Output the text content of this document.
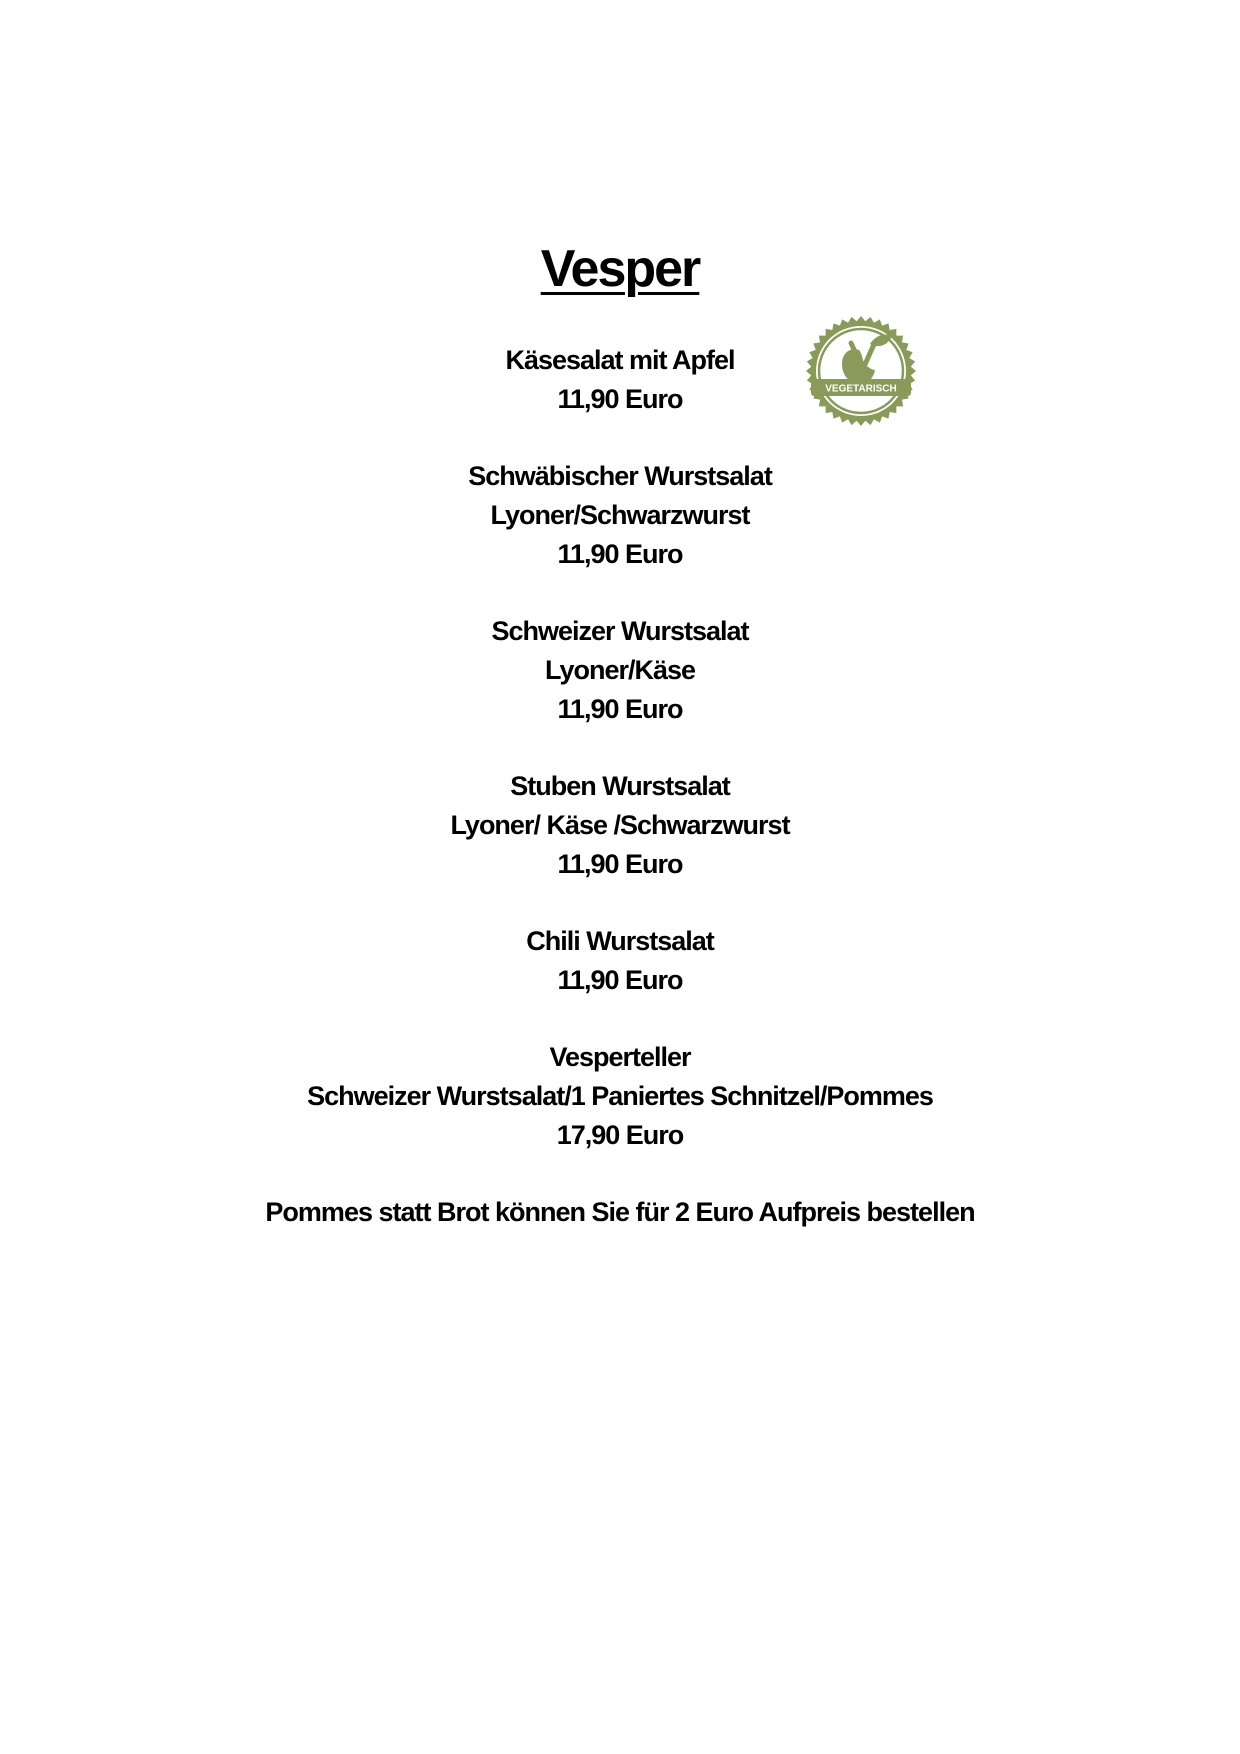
Vesper
VEGETARISCH
Käsesalat mit Apfel
11,90 Euro
Schwäbischer Wurstsalat
Lyoner/Schwarzwurst
11,90 Euro
Schweizer Wurstsalat
Lyoner/Käse
11,90 Euro
Stuben Wurstsalat
Lyoner/ Käse /Schwarzwurst
11,90 Euro
Chili Wurstsalat
11,90 Euro
Vesperteller
Schweizer Wurstsalat/1 Paniertes Schnitzel/Pommes
17,90 Euro
Pommes statt Brot können Sie für 2 Euro Aufpreis bestellen
